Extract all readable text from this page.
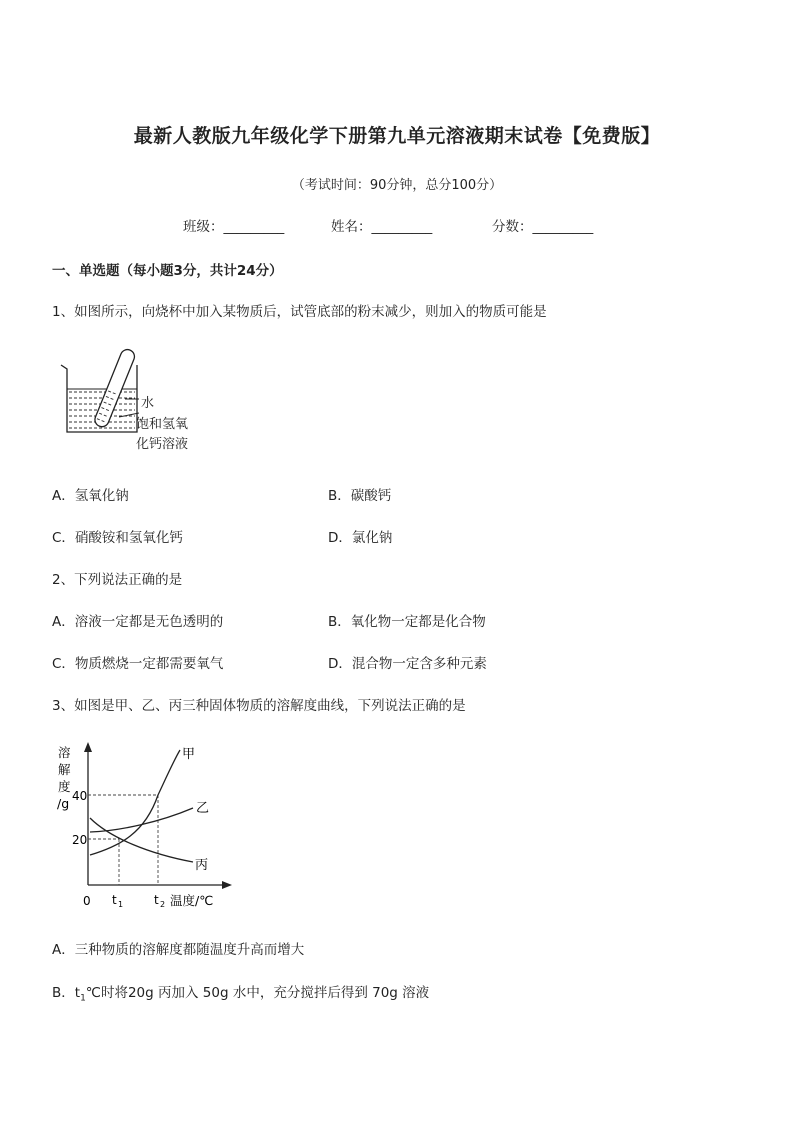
最新人教版九年级化学下册第九单元溶液期末试卷【免费版】
（考试时间：90分钟，总分100分）
班级：_________	姓名：_________	分数：_________
一、单选题（每小题3分，共计24分）
1、如图所示，向烧杯中加入某物质后，试管底部的粉末减少，则加入的物质可能是
水
饱和氢氧
化钙溶液
A．氢氧化钠	B．碳酸钙
C．硝酸铵和氢氧化钙	D．氯化钠
2、下列说法正确的是
A．溶液一定都是无色透明的	B．氧化物一定都是化合物
C．物质燃烧一定都需要氧气	D．混合物一定含多种元素
3、如图是甲、乙、丙三种固体物质的溶解度曲线，下列说法正确的是
溶
解
度
/g 40
20
0 t 1	t 2 温度/℃
甲
乙
丙
A．三种物质的溶解度都随温度升高而增大
B．$t_1℃$时将20g 丙加入 50g 水中，充分搅拌后得到 70g 溶液
